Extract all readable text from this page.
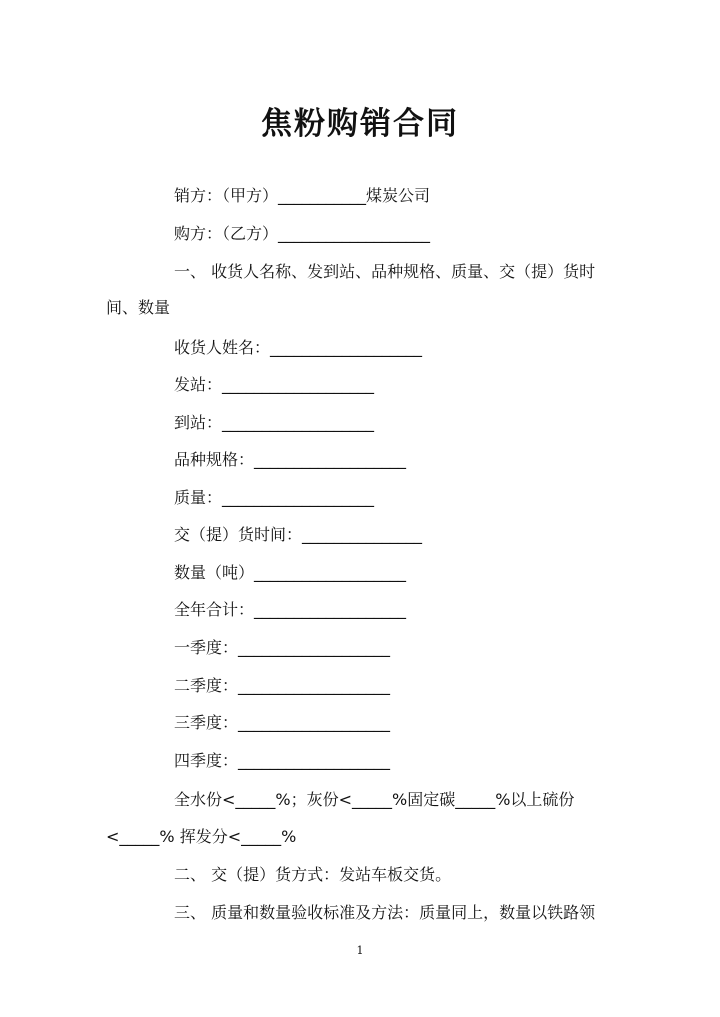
焦粉购销合同
销方：（甲方）___________煤炭公司
购方：（乙方）___________________
一、 收货人名称、发到站、品种规格、质量、交（提）货时
间、数量
收货人姓名：___________________
发站：___________________
到站：___________________
品种规格：___________________
质量：___________________
交（提）货时间：_______________
数量（吨）___________________
全年合计：___________________
一季度：___________________
二季度：___________________
三季度：___________________
四季度：___________________
全水份<_____%；灰份<_____%固定碳_____%以上硫份
<_____% 挥发分<_____%
二、 交（提）货方式：发站车板交货。
三、 质量和数量验收标准及方法：质量同上，数量以铁路领
1
